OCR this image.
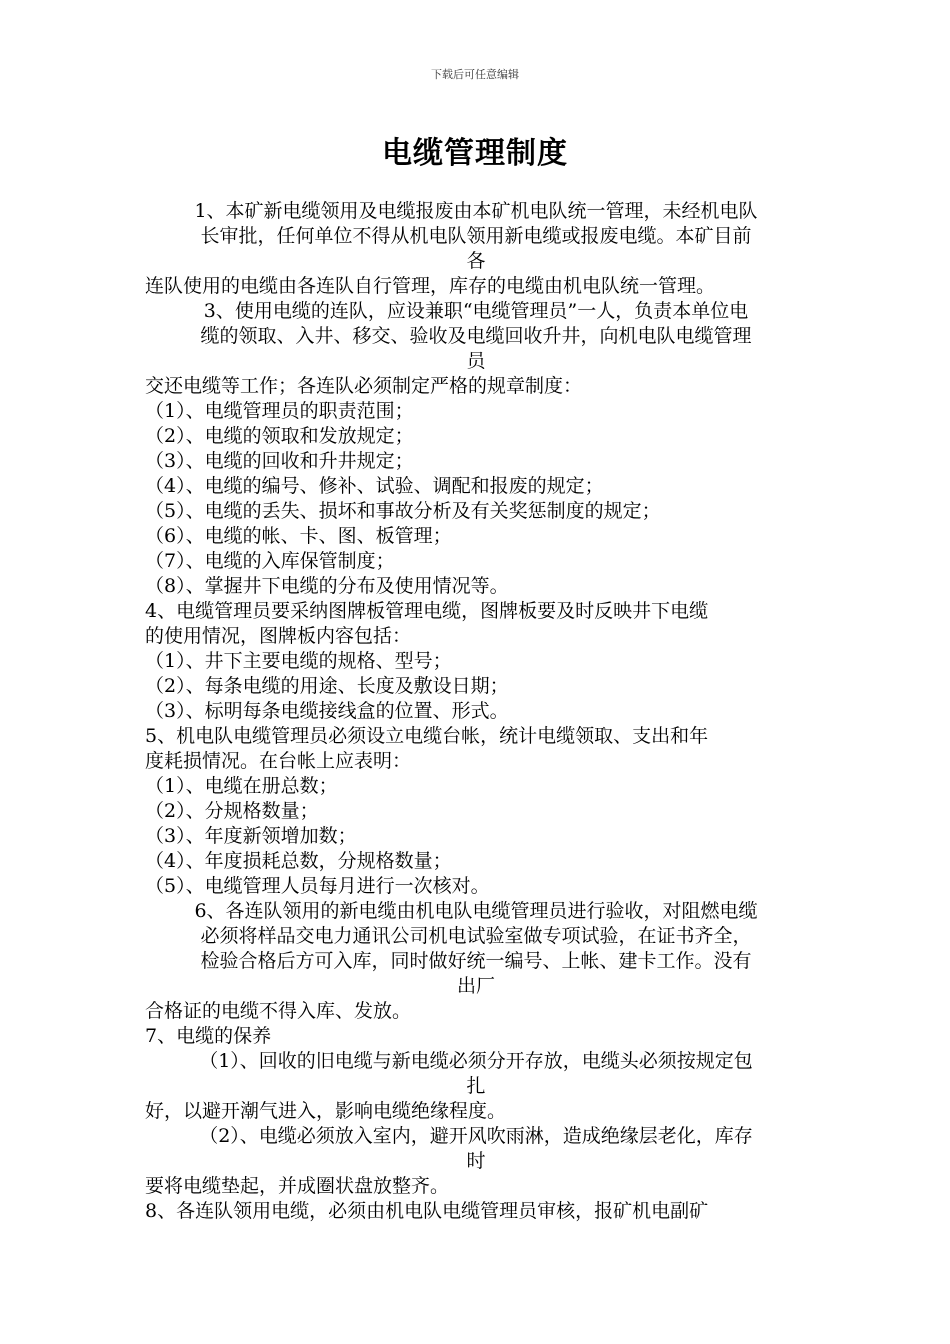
下载后可任意编辑
电缆管理制度
1、本矿新电缆领用及电缆报废由本矿机电队统一管理，未经机电队
长审批，任何单位不得从机电队领用新电缆或报废电缆。本矿目前
各
连队使用的电缆由各连队自行管理，库存的电缆由机电队统一管理。
3、使用电缆的连队，应设兼职“电缆管理员”一人，负责本单位电
缆的领取、入井、移交、验收及电缆回收升井，向机电队电缆管理
员
交还电缆等工作；各连队必须制定严格的规章制度：
（1）、电缆管理员的职责范围；
（2）、电缆的领取和发放规定；
（3）、电缆的回收和升井规定；
（4）、电缆的编号、修补、试验、调配和报废的规定；
（5）、电缆的丢失、损坏和事故分析及有关奖惩制度的规定；
（6）、电缆的帐、卡、图、板管理；
（7）、电缆的入库保管制度；
（8）、掌握井下电缆的分布及使用情况等。
4、电缆管理员要采纳图牌板管理电缆，图牌板要及时反映井下电缆
的使用情况，图牌板内容包括：
（1）、井下主要电缆的规格、型号；
（2）、每条电缆的用途、长度及敷设日期；
（3）、标明每条电缆接线盒的位置、形式。
5、机电队电缆管理员必须设立电缆台帐，统计电缆领取、支出和年
度耗损情况。在台帐上应表明：
（1）、电缆在册总数；
（2）、分规格数量；
（3）、年度新领增加数；
（4）、年度损耗总数，分规格数量；
（5）、电缆管理人员每月进行一次核对。
6、各连队领用的新电缆由机电队电缆管理员进行验收，对阻燃电缆
必须将样品交电力通讯公司机电试验室做专项试验，在证书齐全，
检验合格后方可入库，同时做好统一编号、上帐、建卡工作。没有
出厂
合格证的电缆不得入库、发放。
7、电缆的保养
（1）、回收的旧电缆与新电缆必须分开存放，电缆头必须按规定包
扎
好，以避开潮气进入，影响电缆绝缘程度。
（2）、电缆必须放入室内，避开风吹雨淋，造成绝缘层老化，库存
时
要将电缆垫起，并成圈状盘放整齐。
8、各连队领用电缆，必须由机电队电缆管理员审核，报矿机电副矿
